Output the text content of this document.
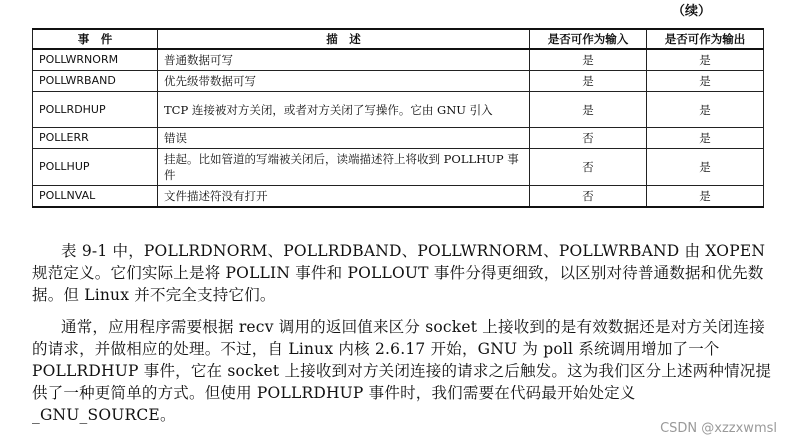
（续）
事　件	描　述	是否可作为输入	是否可作为输出
POLLWRNORM	普通数据可写	是	是
POLLWRBAND	优先级带数据可写	是	是
POLLRDHUP	TCP 连接被对方关闭，或者对方关闭了写操作。它由 GNU 引入	是	是
POLLERR	错误	否	是
POLLHUP	挂起。比如管道的写端被关闭后，读端描述符上将收到 POLLHUP 事件	否	是
POLLNVAL	文件描述符没有打开	否	是

表 9-1 中，POLLRDNORM、POLLRDBAND、POLLWRNORM、POLLWRBAND 由 XOPEN 规范定义。它们实际上是将 POLLIN 事件和 POLLOUT 事件分得更细致，以区别对待普通数据和优先数据。但 Linux 并不完全支持它们。

通常，应用程序需要根据 recv 调用的返回值来区分 socket 上接收到的是有效数据还是对方关闭连接的请求，并做相应的处理。不过，自 Linux 内核 2.6.17 开始，GNU 为 poll 系统调用增加了一个 POLLRDHUP 事件，它在 socket 上接收到对方关闭连接的请求之后触发。这为我们区分上述两种情况提供了一种更简单的方式。但使用 POLLRDHUP 事件时，我们需要在代码最开始处定义 _GNU_SOURCE。

CSDN @xzzxwmsl
